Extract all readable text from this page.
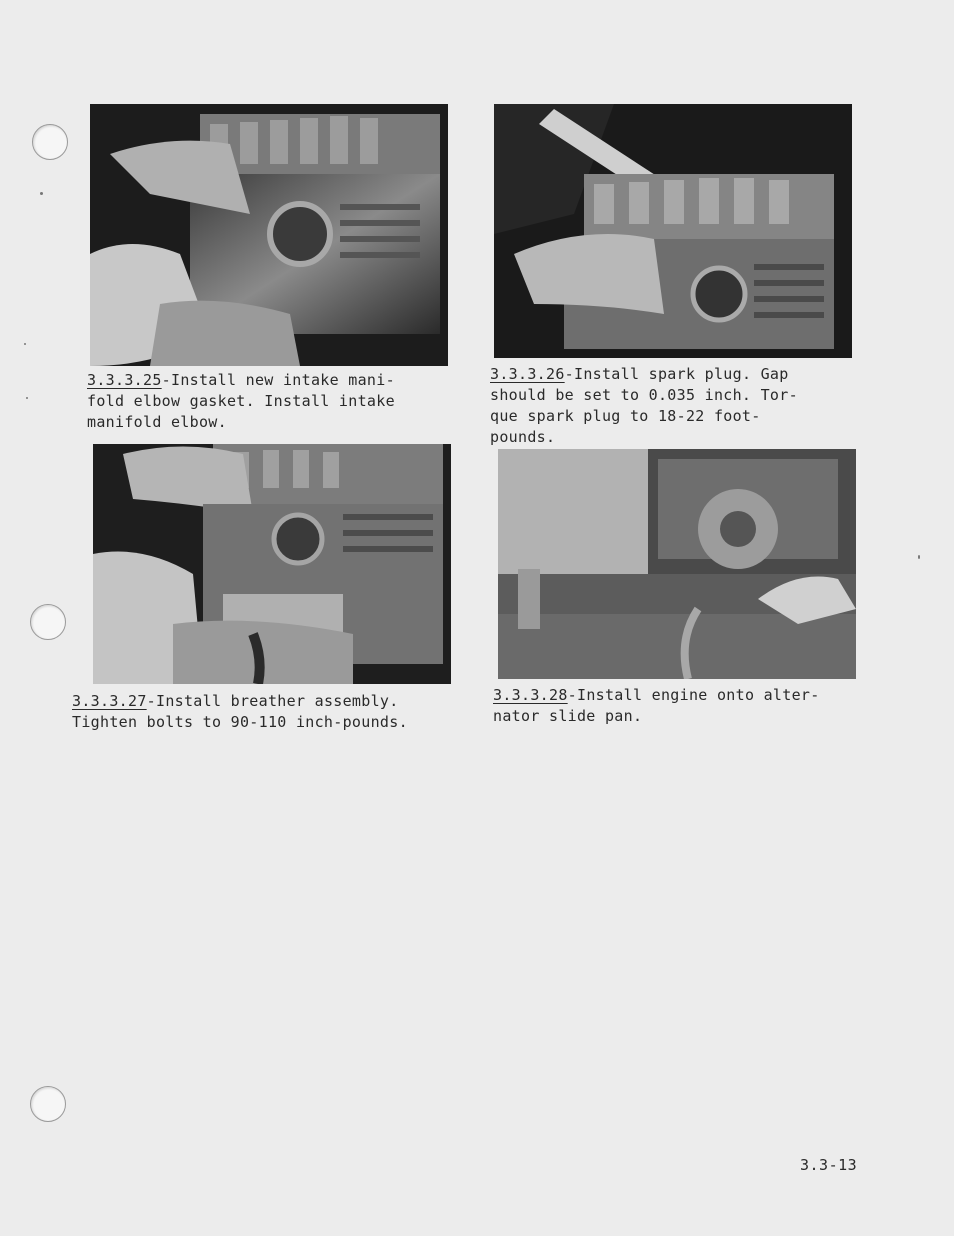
3.3.3.25-Install new intake mani-
fold elbow gasket. Install intake
manifold elbow.
3.3.3.26-Install spark plug. Gap
should be set to 0.035 inch. Tor-
que spark plug to 18-22 foot-
pounds.
3.3.3.27-Install breather assembly.
Tighten bolts to 90-110 inch-pounds.
3.3.3.28-Install engine onto alter-
nator slide pan.
3.3-13
